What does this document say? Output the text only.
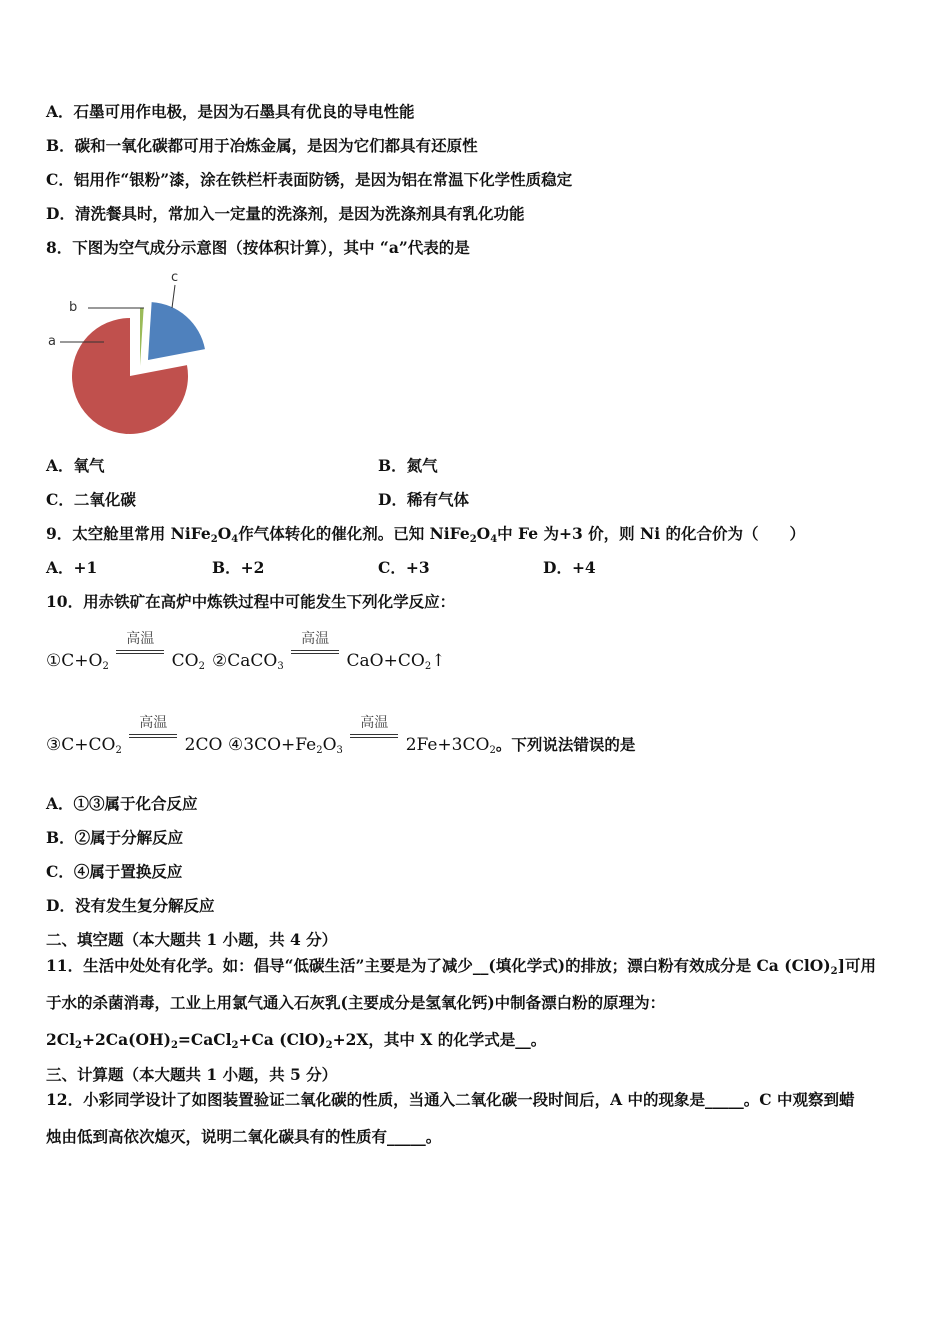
A．石墨可用作电极，是因为石墨具有优良的导电性能
B．碳和一氧化碳都可用于冶炼金属，是因为它们都具有还原性
C．铝用作“银粉”漆，涂在铁栏杆表面防锈，是因为铝在常温下化学性质稳定
D．清洗餐具时，常加入一定量的洗涤剂，是因为洗涤剂具有乳化功能
8．下图为空气成分示意图（按体积计算），其中 “a”代表的是
a
b
c
A．氧气	B．氮气
C．二氧化碳	D．稀有气体
9．太空舱里常用 $NiFe_2O_4$作气体转化的催化剂。已知 $NiFe_2O_4$中 Fe 为+3 价，则 Ni 的化合价为（　　）
A．+1	B．+2	C．+3	D．+4
10．用赤铁矿在高炉中炼铁过程中可能发生下列化学反应：
$①C+O_2$
高温
$CO_2$ ②CaCO$_3$
高温
$CaO+CO_2↑$
$③C+CO_2$
高温
2CO $④3CO+Fe_2O_3$
高温
$2Fe+3CO_2$。下列说法错误的是
A．①③属于化合反应
B．②属于分解反应
C．④属于置换反应
D．没有发生复分解反应
二、填空题（本大题共 1 小题，共 4 分）
11．生活中处处有化学。如：倡导“低碳生活”主要是为了减少__(填化学式)的排放；漂白粉有效成分是 Ca $(ClO)_2$]可用
于水的杀菌消毒，工业上用氯气通入石灰乳(主要成分是氢氧化钙)中制备漂白粉的原理为：
$2Cl_2+2Ca(OH)_2=CaCl_2+Ca$ $(ClO)_2+2X$，其中 X 的化学式是__。
三、计算题（本大题共 1 小题，共 5 分）
12．小彩同学设计了如图装置验证二氧化碳的性质，当通入二氧化碳一段时间后，A 中的现象是_____。C 中观察到蜡
烛由低到高依次熄灭，说明二氧化碳具有的性质有_____。
